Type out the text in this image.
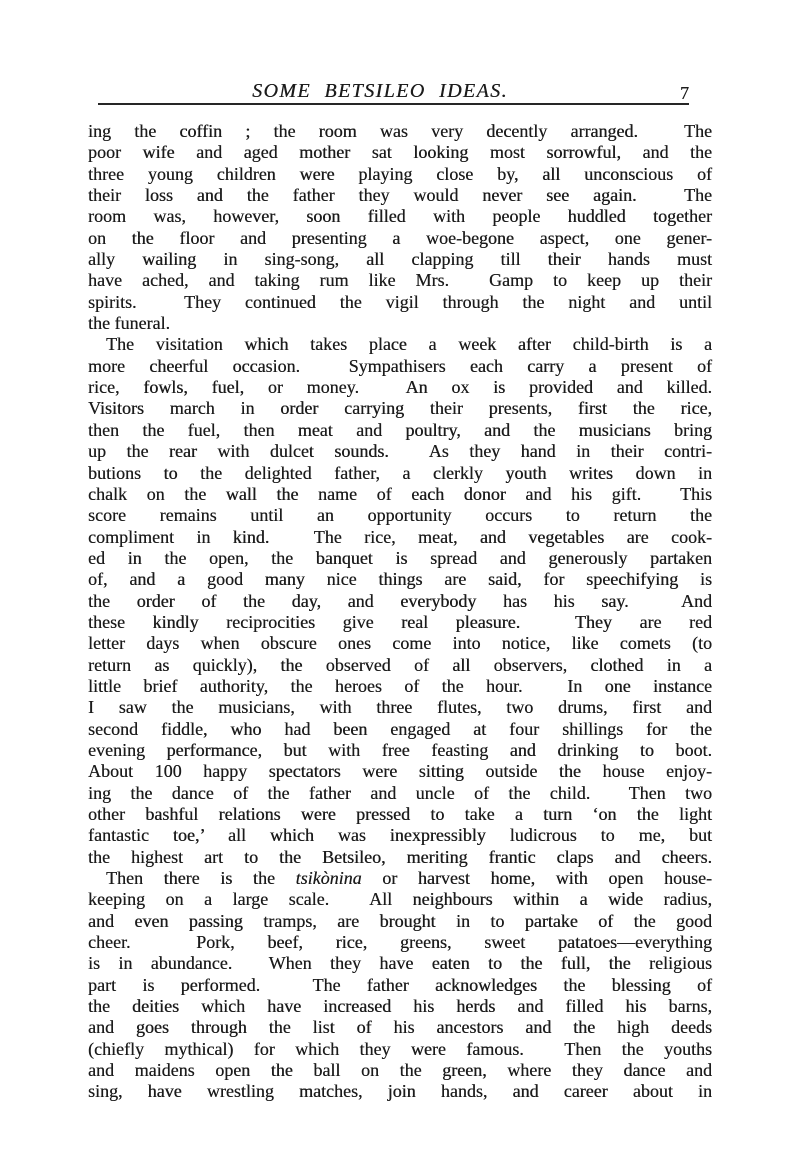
SOME BETSILEO IDEAS.	7
ing the coffin ; the room was very decently arranged.  The
poor wife and aged mother sat looking most sorrowful, and the
three young children were playing close by, all unconscious of
their loss and the father they would never see again.  The
room was, however, soon filled with people huddled together
on the floor and presenting a woe-begone aspect, one gener-
ally wailing in sing-song, all clapping till their hands must
have ached, and taking rum like Mrs.  Gamp to keep up their
spirits.  They continued the vigil through the night and until
the funeral.
The visitation which takes place a week after child-birth is a
more cheerful occasion.  Sympathisers each carry a present of
rice, fowls, fuel, or money.  An ox is provided and killed.
Visitors march in order carrying their presents, first the rice,
then the fuel, then meat and poultry, and the musicians bring
up the rear with dulcet sounds.  As they hand in their contri-
butions to the delighted father, a clerkly youth writes down in
chalk on the wall the name of each donor and his gift.  This
score remains until an opportunity occurs to return the
compliment in kind.  The rice, meat, and vegetables are cook-
ed in the open, the banquet is spread and generously partaken
of, and a good many nice things are said, for speechifying is
the order of the day, and everybody has his say.  And
these kindly reciprocities give real pleasure.  They are red
letter days when obscure ones come into notice, like comets (to
return as quickly), the observed of all observers, clothed in a
little brief authority, the heroes of the hour.  In one instance
I saw the musicians, with three flutes, two drums, first and
second fiddle, who had been engaged at four shillings for the
evening performance, but with free feasting and drinking to boot.
About 100 happy spectators were sitting outside the house enjoy-
ing the dance of the father and uncle of the child.  Then two
other bashful relations were pressed to take a turn ‘on the light
fantastic toe,’ all which was inexpressibly ludicrous to me, but
the highest art to the Betsileo, meriting frantic claps and cheers.
Then there is the tsikònina or harvest home, with open house-
keeping on a large scale.  All neighbours within a wide radius,
and even passing tramps, are brought in to partake of the good
cheer.  Pork, beef, rice, greens, sweet patatoes—everything
is in abundance.  When they have eaten to the full, the religious
part is performed.  The father acknowledges the blessing of
the deities which have increased his herds and filled his barns,
and goes through the list of his ancestors and the high deeds
(chiefly mythical) for which they were famous.  Then the youths
and maidens open the ball on the green, where they dance and
sing, have wrestling matches, join hands, and career about in
